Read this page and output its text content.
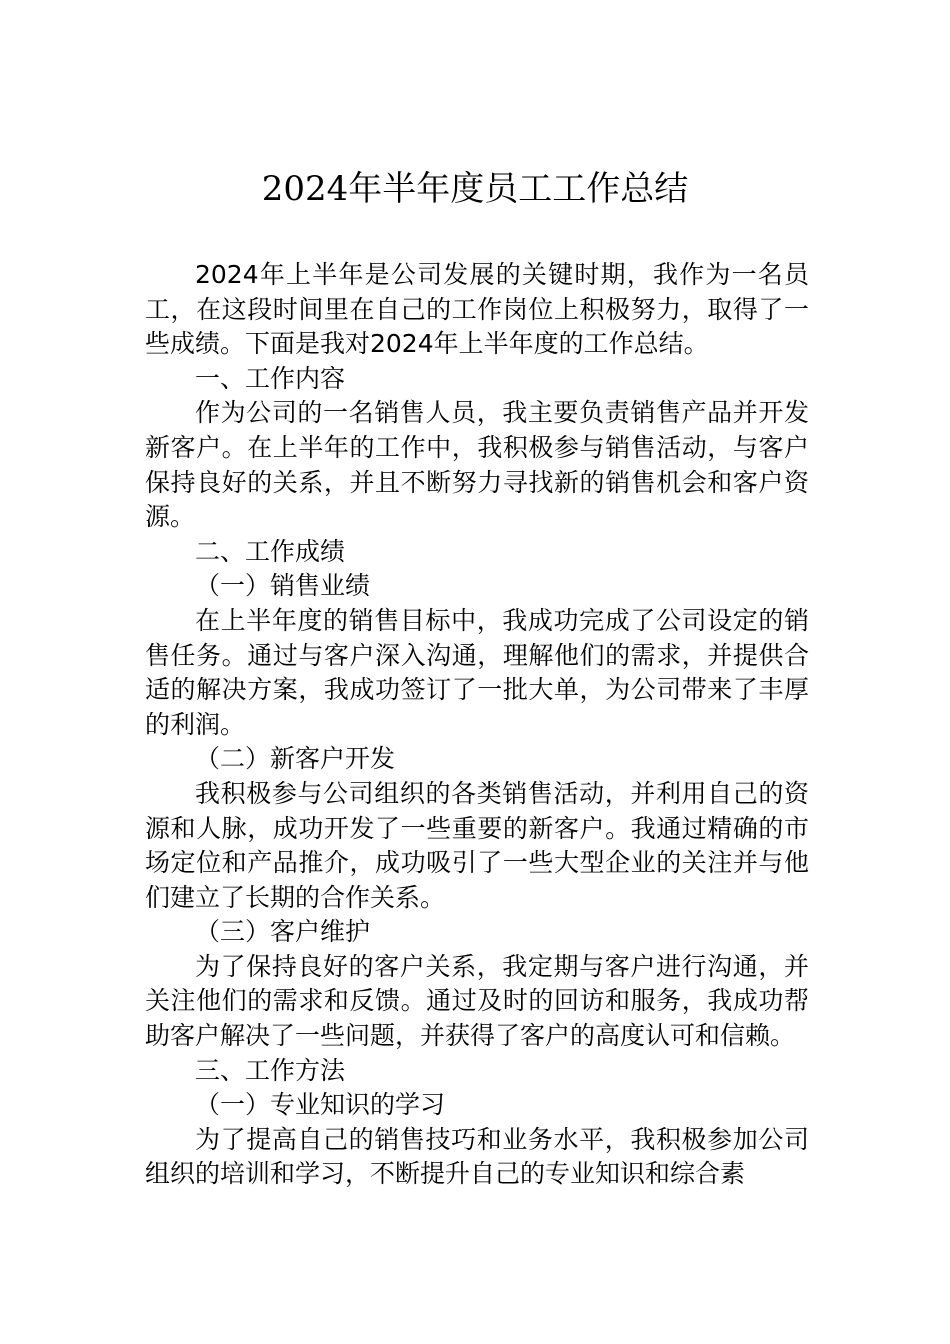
2024年半年度员工工作总结

2024年上半年是公司发展的关键时期，我作为一名员工，在这段时间里在自己的工作岗位上积极努力，取得了一些成绩。下面是我对2024年上半年度的工作总结。

一、工作内容

作为公司的一名销售人员，我主要负责销售产品并开发新客户。在上半年的工作中，我积极参与销售活动，与客户保持良好的关系，并且不断努力寻找新的销售机会和客户资源。

二、工作成绩

（一）销售业绩

在上半年度的销售目标中，我成功完成了公司设定的销售任务。通过与客户深入沟通，理解他们的需求，并提供合适的解决方案，我成功签订了一批大单，为公司带来了丰厚的利润。

（二）新客户开发

我积极参与公司组织的各类销售活动，并利用自己的资源和人脉，成功开发了一些重要的新客户。我通过精确的市场定位和产品推介，成功吸引了一些大型企业的关注并与他们建立了长期的合作关系。

（三）客户维护

为了保持良好的客户关系，我定期与客户进行沟通，并关注他们的需求和反馈。通过及时的回访和服务，我成功帮助客户解决了一些问题，并获得了客户的高度认可和信赖。

三、工作方法

（一）专业知识的学习

为了提高自己的销售技巧和业务水平，我积极参加公司组织的培训和学习，不断提升自己的专业知识和综合素
